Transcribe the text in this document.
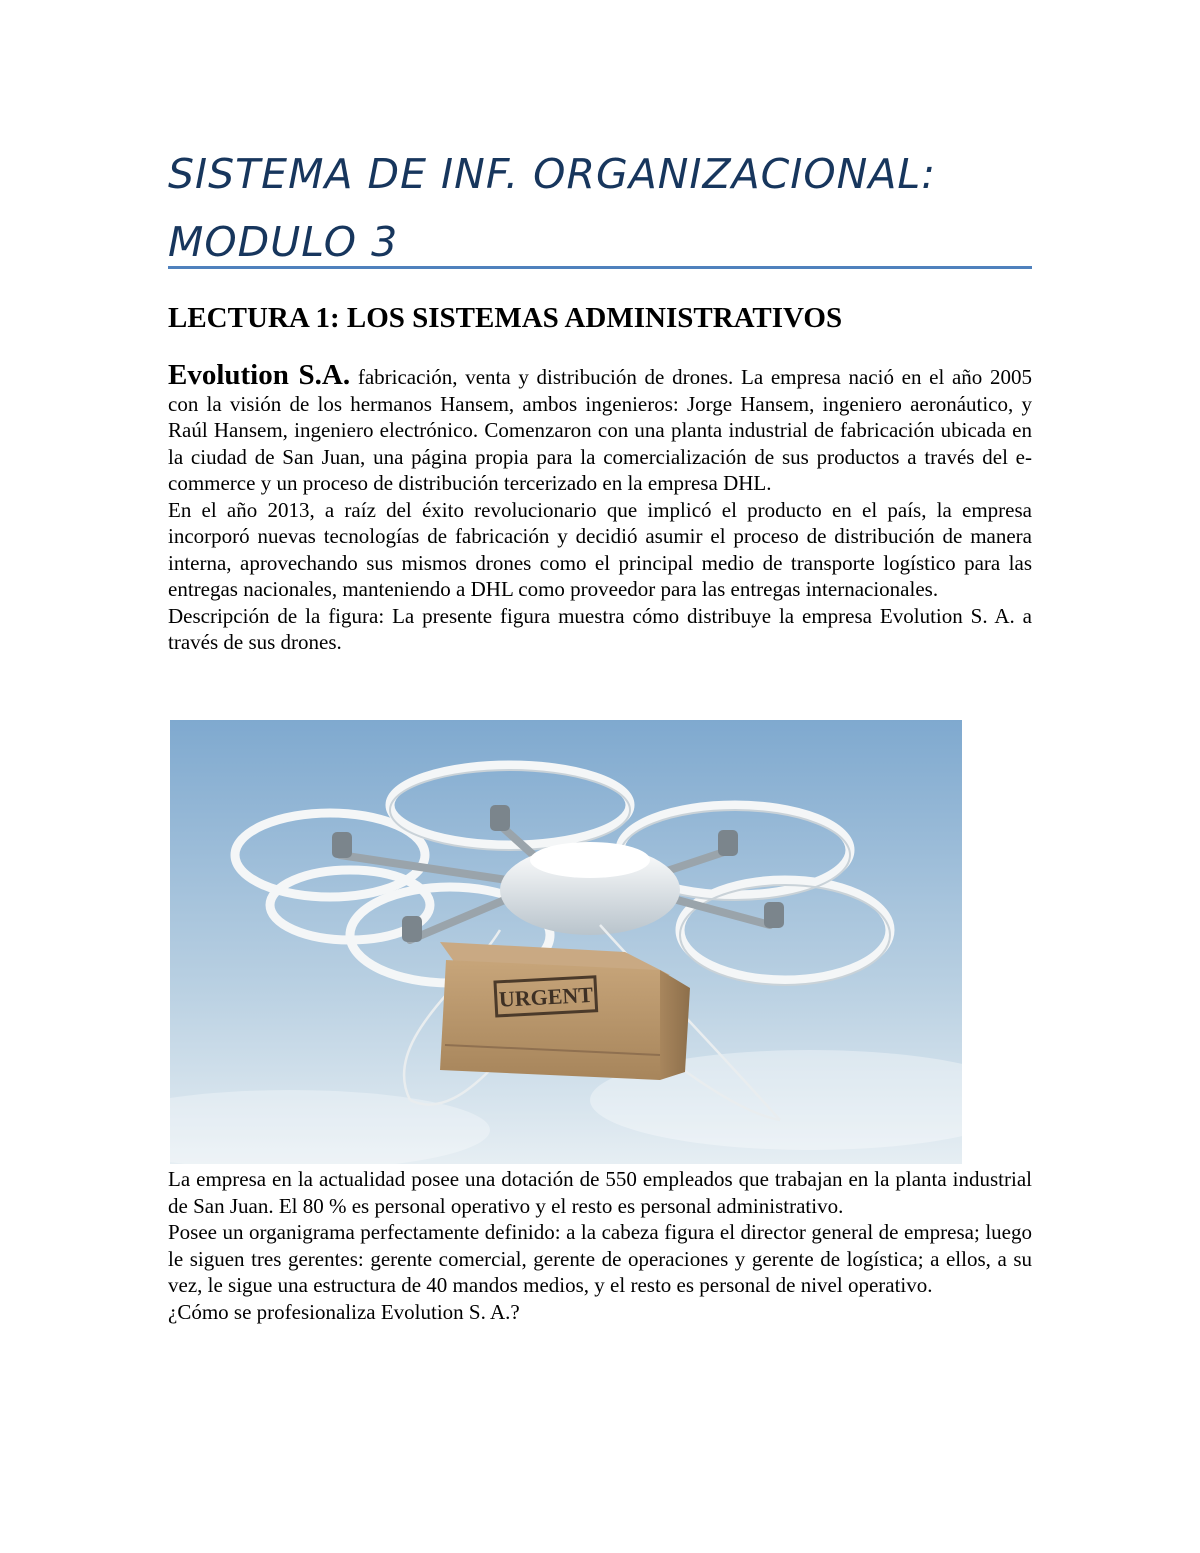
SISTEMA DE INF. ORGANIZACIONAL:
MODULO 3
LECTURA 1: LOS SISTEMAS ADMINISTRATIVOS

Evolution S.A. fabricación, venta y distribución de drones. La empresa nació en el año 2005 con la visión de los hermanos Hansem, ambos ingenieros: Jorge Hansem, ingeniero aeronáutico, y Raúl Hansem, ingeniero electrónico. Comenzaron con una planta industrial de fabricación ubicada en la ciudad de San Juan, una página propia para la comercialización de sus productos a través del e-commerce y un proceso de distribución tercerizado en la empresa DHL.

En el año 2013, a raíz del éxito revolucionario que implicó el producto en el país, la empresa incorporó nuevas tecnologías de fabricación y decidió asumir el proceso de distribución de manera interna, aprovechando sus mismos drones como el principal medio de transporte logístico para las entregas nacionales, manteniendo a DHL como proveedor para las entregas internacionales.

Descripción de la figura: La presente figura muestra cómo distribuye la empresa Evolution S. A. a través de sus drones.

URGENT

La empresa en la actualidad posee una dotación de 550 empleados que trabajan en la planta industrial de San Juan. El 80 % es personal operativo y el resto es personal administrativo.

Posee un organigrama perfectamente definido: a la cabeza figura el director general de empresa; luego le siguen tres gerentes: gerente comercial, gerente de operaciones y gerente de logística; a ellos, a su vez, le sigue una estructura de 40 mandos medios, y el resto es personal de nivel operativo.

¿Cómo se profesionaliza Evolution S. A.?
